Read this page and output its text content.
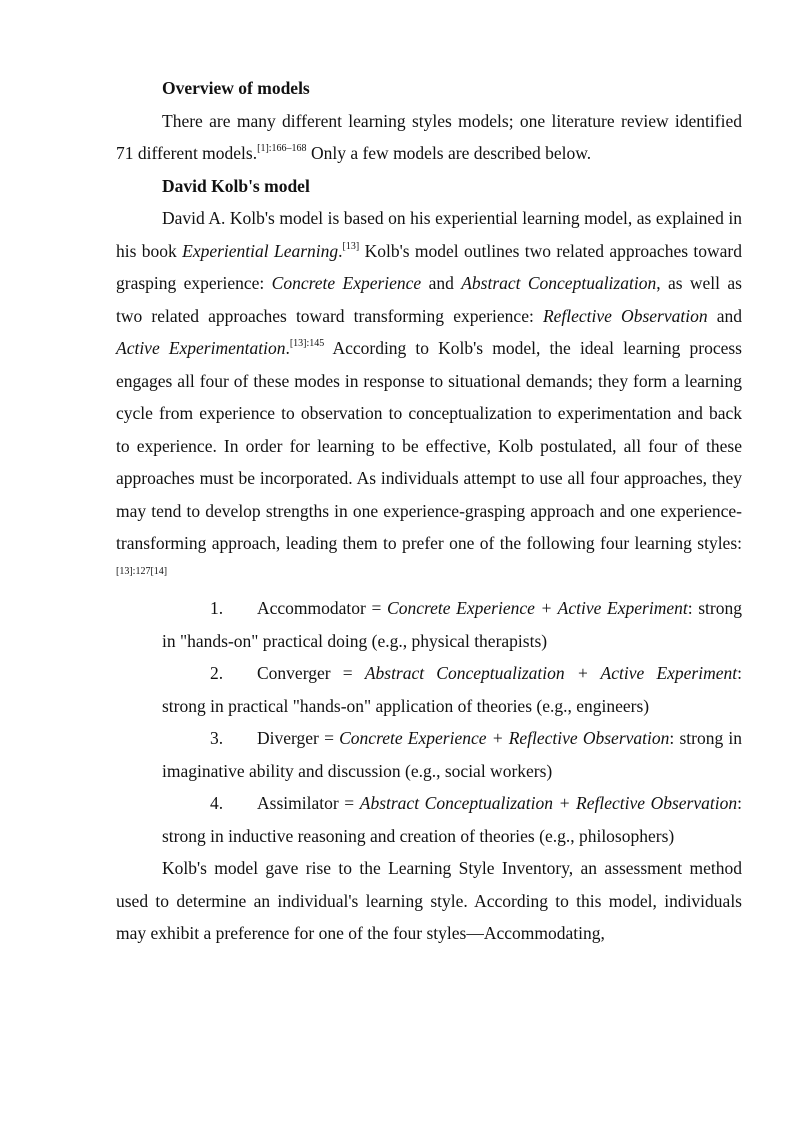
Overview of models

There are many different learning styles models; one literature review identified 71 different models.$^{[1]:166-168}$ Only a few models are described below.

David Kolb's model

David A. Kolb's model is based on his experiential learning model, as explained in his book Experiential Learning.[13] Kolb's model outlines two related approaches toward grasping experience: Concrete Experience and Abstract Conceptualization, as well as two related approaches toward transforming experience: Reflective Observation and Active Experimentation.$^{[13]:145}$ According to Kolb's model, the ideal learning process engages all four of these modes in response to situational demands; they form a learning cycle from experience to observation to conceptualization to experimentation and back to experience. In order for learning to be effective, Kolb postulated, all four of these approaches must be incorporated. As individuals attempt to use all four approaches, they may tend to develop strengths in one experience-grasping approach and one experience-transforming approach, leading them to prefer one of the following four learning styles:[13]:127[14]

1. Accommodator = Concrete Experience + Active Experiment: strong in "hands-on" practical doing (e.g., physical therapists)
2. Converger = Abstract Conceptualization + Active Experiment: strong in practical "hands-on" application of theories (e.g., engineers)
3. Diverger = Concrete Experience + Reflective Observation: strong in imaginative ability and discussion (e.g., social workers)
4. Assimilator = Abstract Conceptualization + Reflective Observation: strong in inductive reasoning and creation of theories (e.g., philosophers)

Kolb's model gave rise to the Learning Style Inventory, an assessment method used to determine an individual's learning style. According to this model, individuals may exhibit a preference for one of the four styles—Accommodating,
